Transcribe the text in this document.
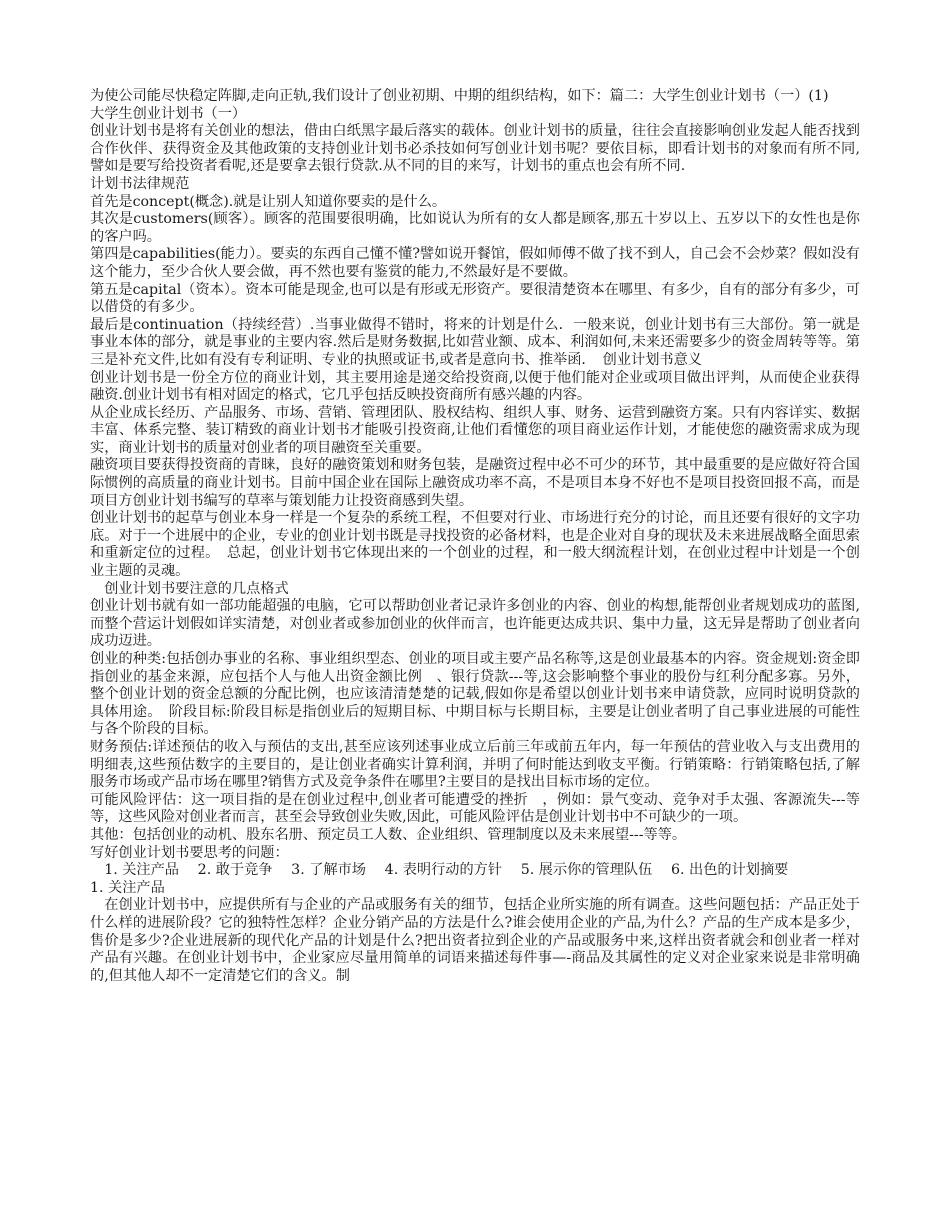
为使公司能尽快稳定阵脚,走向正轨,我们设计了创业初期、中期的组织结构，如下：篇二：大学生创业计划书（一）(1)

大学生创业计划书（一）

创业计划书是将有关创业的想法，借由白纸黑字最后落实的载体。创业计划书的质量，往往会直接影响创业发起人能否找到合作伙伴、获得资金及其他政策的支持创业计划书必杀技如何写创业计划书呢？要依目标，即看计划书的对象而有所不同,譬如是要写给投资者看呢,还是要拿去银行贷款.从不同的目的来写，计划书的重点也会有所不同.

计划书法律规范

首先是concept(概念).就是让别人知道你要卖的是什么。

其次是customers(顾客）。顾客的范围要很明确，比如说认为所有的女人都是顾客,那五十岁以上、五岁以下的女性也是你的客户吗。

第四是capabilities(能力）。要卖的东西自己懂不懂?譬如说开餐馆，假如师傅不做了找不到人，自己会不会炒菜？假如没有这个能力，至少合伙人要会做，再不然也要有鉴赏的能力,不然最好是不要做。

第五是capital（资本）。资本可能是现金,也可以是有形或无形资产。要很清楚资本在哪里、有多少，自有的部分有多少，可以借贷的有多少。

最后是continuation（持续经营）.当事业做得不错时，将来的计划是什么．一般来说，创业计划书有三大部份。第一就是事业本体的部分，就是事业的主要内容.然后是财务数据,比如营业额、成本、利润如何,未来还需要多少的资金周转等等。第三是补充文件,比如有没有专利证明、专业的执照或证书,或者是意向书、推举函．　创业计划书意义

创业计划书是一份全方位的商业计划，其主要用途是递交给投资商,以便于他们能对企业或项目做出评判，从而使企业获得融资.创业计划书有相对固定的格式，它几乎包括反映投资商所有感兴趣的内容。

从企业成长经历、产品服务、市场、营销、管理团队、股权结构、组织人事、财务、运营到融资方案。只有内容详实、数据丰富、体系完整、装订精致的商业计划书才能吸引投资商,让他们看懂您的项目商业运作计划，才能使您的融资需求成为现实，商业计划书的质量对创业者的项目融资至关重要。

融资项目要获得投资商的青睐，良好的融资策划和财务包装，是融资过程中必不可少的环节，其中最重要的是应做好符合国际惯例的高质量的商业计划书。目前中国企业在国际上融资成功率不高，不是项目本身不好也不是项目投资回报不高，而是项目方创业计划书编写的草率与策划能力让投资商感到失望。

创业计划书的起草与创业本身一样是一个复杂的系统工程，不但要对行业、市场进行充分的讨论，而且还要有很好的文字功底。对于一个进展中的企业，专业的创业计划书既是寻找投资的必备材料，也是企业对自身的现状及未来进展战略全面思索和重新定位的过程。　总起，创业计划书它体现出来的一个创业的过程，和一般大纲流程计划，在创业过程中计划是一个创业主题的灵魂。

　创业计划书要注意的几点格式

创业计划书就有如一部功能超强的电脑，它可以帮助创业者记录许多创业的内容、创业的构想,能帮创业者规划成功的蓝图,而整个营运计划假如详实清楚，对创业者或参加创业的伙伴而言，也许能更达成共识、集中力量，这无异是帮助了创业者向成功迈进。

创业的种类:包括创办事业的名称、事业组织型态、创业的项目或主要产品名称等,这是创业最基本的内容。资金规划:资金即指创业的基金来源，应包括个人与他人出资金额比例　、银行贷款---等,这会影响整个事业的股份与红利分配多寡。另外，整个创业计划的资金总额的分配比例，也应该清清楚楚的记载,假如你是希望以创业计划书来申请贷款，应同时说明贷款的具体用途。　阶段目标:阶段目标是指创业后的短期目标、中期目标与长期目标，主要是让创业者明了自己事业进展的可能性与各个阶段的目标。

财务预估:详述预估的收入与预估的支出,甚至应该列述事业成立后前三年或前五年内，每一年预估的营业收入与支出费用的明细表,这些预估数字的主要目的，是让创业者确实计算利润，并明了何时能达到收支平衡。行销策略：行销策略包括,了解服务市场或产品市场在哪里?销售方式及竞争条件在哪里?主要目的是找出目标市场的定位。

可能风险评估：这一项目指的是在创业过程中,创业者可能遭受的挫折　，例如：景气变动、竞争对手太强、客源流失---等等，这些风险对创业者而言，甚至会导致创业失败,因此，可能风险评估是创业计划书中不可缺少的一项。

其他：包括创业的动机、股东名册、预定员工人数、企业组织、管理制度以及未来展望---等等。

写好创业计划书要思考的问题：

　1. 关注产品　 2. 敢于竞争　 3. 了解市场　 4. 表明行动的方针　 5. 展示你的管理队伍　 6. 出色的计划摘要

1. 关注产品

　在创业计划书中，应提供所有与企业的产品或服务有关的细节，包括企业所实施的所有调查。这些问题包括：产品正处于什么样的进展阶段？它的独特性怎样？企业分销产品的方法是什么?谁会使用企业的产品,为什么？产品的生产成本是多少，售价是多少?企业进展新的现代化产品的计划是什么?把出资者拉到企业的产品或服务中来,这样出资者就会和创业者一样对产品有兴趣。在创业计划书中，企业家应尽量用简单的词语来描述每件事—-商品及其属性的定义对企业家来说是非常明确的,但其他人却不一定清楚它们的含义。制
